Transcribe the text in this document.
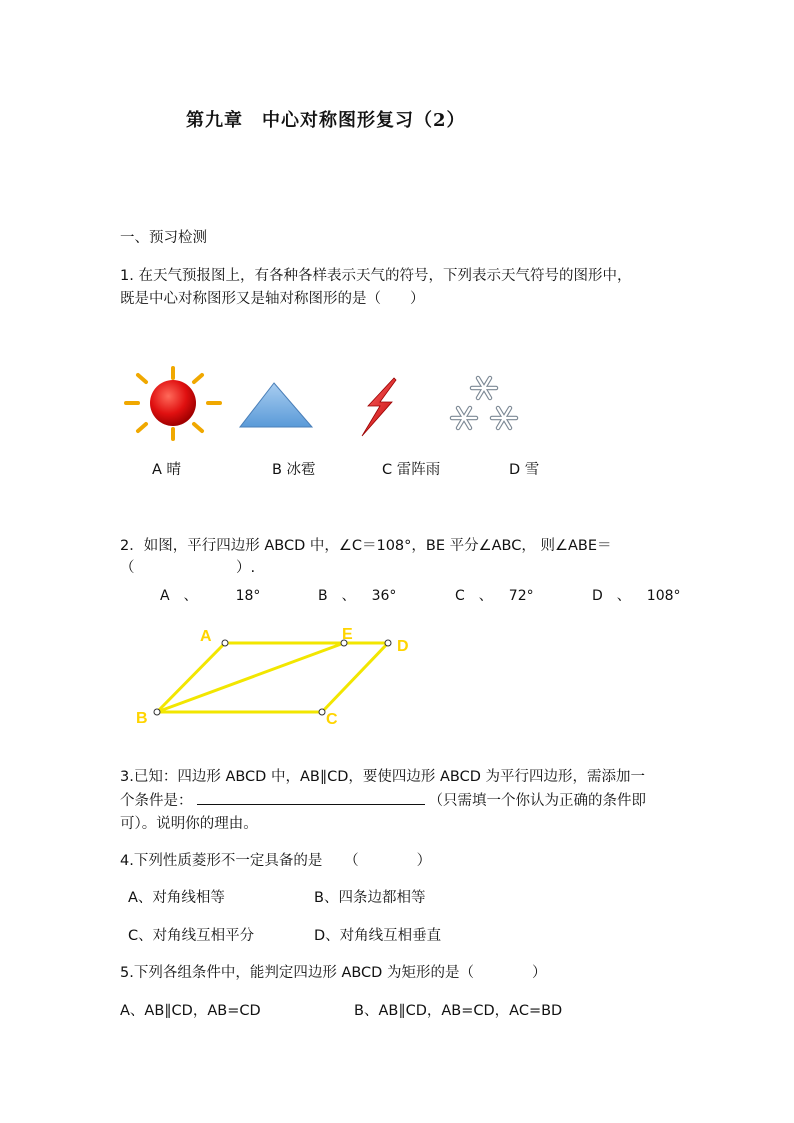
第九章　中心对称图形复习（2）
一、预习检测
1. 在天气预报图上，有各种各样表示天气的符号，下列表示天气符号的图形中，
既是中心对称图形又是轴对称图形的是（　　）
A 晴	B 冰雹	C 雷阵雨	D 雪
2．如图，平行四边形 ABCD 中，∠C＝108°，BE 平分∠ABC， 则∠ABE＝
（　　　　　　　）.
A 、	18°	B 、 36°	C 、 72°	D 、 108°
A	E
D
B	C
3.已知：四边形 ABCD 中，AB∥CD，要使四边形 ABCD 为平行四边形，需添加一
个条件是：	（只需填一个你认为正确的条件即
可）。说明你的理由。
4.下列性质菱形不一定具备的是　　（　　　　）
A、对角线相等	B、四条边都相等
C、对角线互相平分	D、对角线互相垂直
5.下列各组条件中，能判定四边形 ABCD 为矩形的是（　　　　）
A、AB∥CD，AB=CD	B、AB∥CD，AB=CD，AC=BD
